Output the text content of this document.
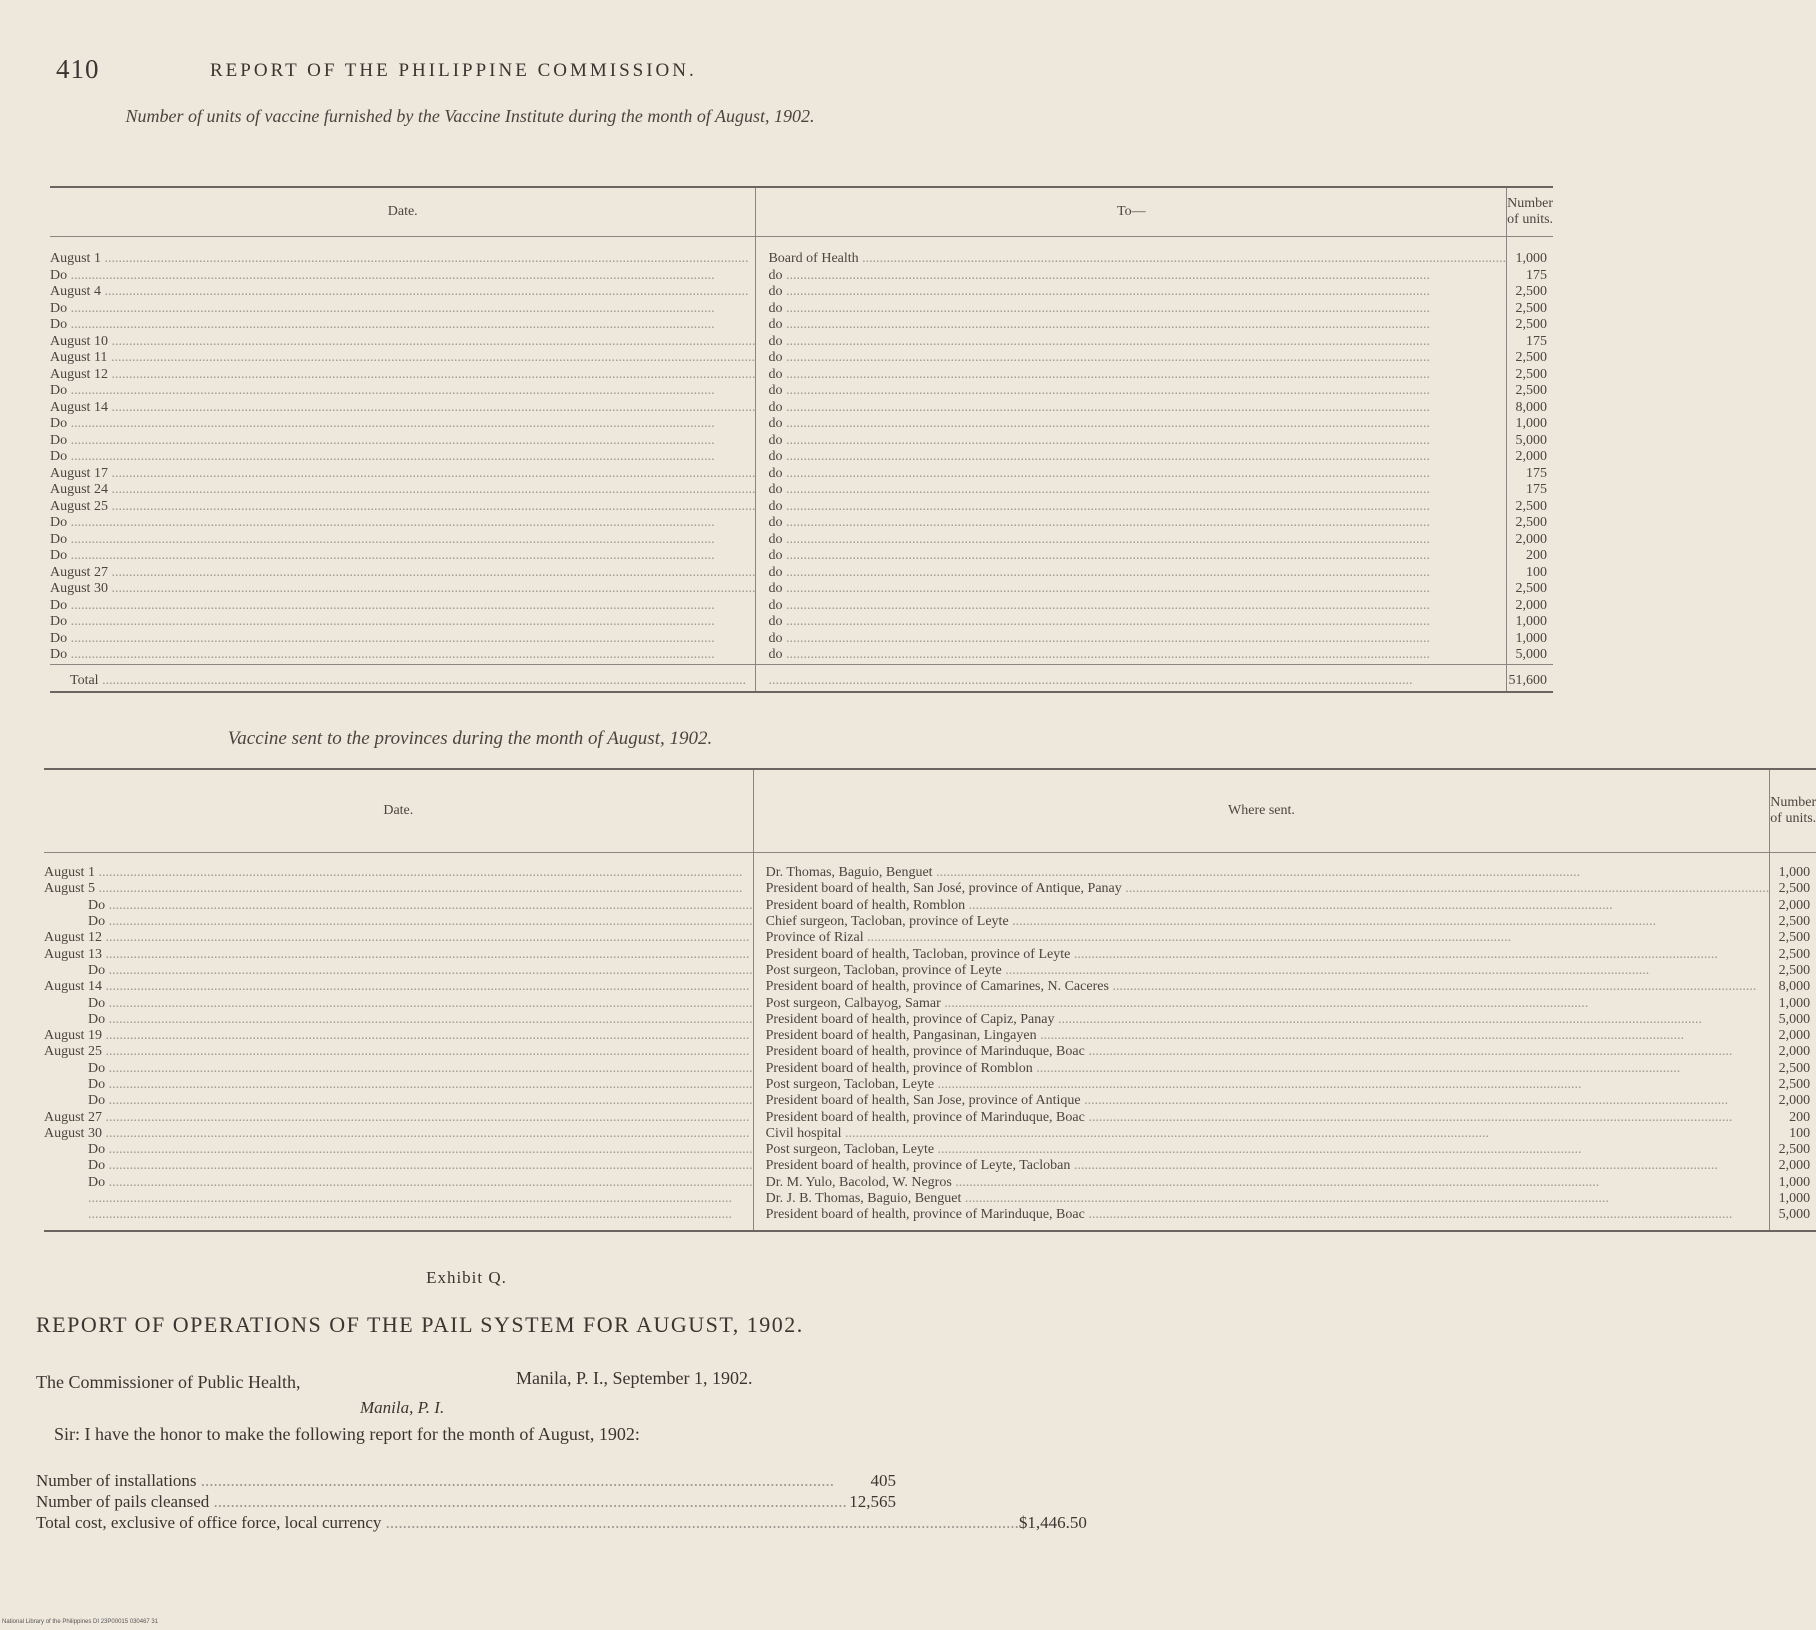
410	REPORT OF THE PHILIPPINE COMMISSION.
Number of units of vaccine furnished by the Vaccine Institute during the month of August, 1902.
Date.	To—	Number of units.
August 1 .....	Board of Health .....	1,000
Do .....	do .....	175
August 4 .....	do .....	2,500
Do .....	do .....	2,500
Do .....	do .....	2,500
August 10 .....	do .....	175
August 11 .....	do .....	2,500
August 12 .....	do .....	2,500
Do .....	do .....	2,500
August 14 .....	do .....	8,000
Do .....	do .....	1,000
Do .....	do .....	5,000
Do .....	do .....	2,000
August 17 .....	do .....	175
August 24 .....	do .....	175
August 25 .....	do .....	2,500
Do .....	do .....	2,500
Do .....	do .....	2,000
Do .....	do .....	200
August 27 .....	do .....	100
August 30 .....	do .....	2,500
Do .....	do .....	2,000
Do .....	do .....	1,000
Do .....	do .....	1,000
Do .....	do .....	5,000
Total .....	.....	51,600
Vaccine sent to the provinces during the month of August, 1902.
Date.	Where sent.	Number of units.
August 1 .....	Dr. Thomas, Baguio, Benguet .....	1,000
August 5 .....	President board of health, San José, province of Antique, Panay .....	2,500
Do .....	President board of health, Romblon .....	2,000
Do .....	Chief surgeon, Tacloban, province of Leyte .....	2,500
August 12 .....	Province of Rizal .....	2,500
August 13 .....	President board of health, Tacloban, province of Leyte .....	2,500
Do .....	Post surgeon, Tacloban, province of Leyte .....	2,500
August 14 .....	President board of health, province of Camarines, N. Caceres .....	8,000
Do .....	Post surgeon, Calbayog, Samar .....	1,000
Do .....	President board of health, province of Capiz, Panay .....	5,000
August 19 .....	President board of health, Pangasinan, Lingayen .....	2,000
August 25 .....	President board of health, province of Marinduque, Boac .....	2,000
Do .....	President board of health, province of Romblon .....	2,500
Do .....	Post surgeon, Tacloban, Leyte .....	2,500
Do .....	President board of health, San Jose, province of Antique .....	2,000
August 27 .....	President board of health, province of Marinduque, Boac .....	200
August 30 .....	Civil hospital .....	100
Do .....	Post surgeon, Tacloban, Leyte .....	2,500
Do .....	President board of health, province of Leyte, Tacloban .....	2,000
Do .....	Dr. M. Yulo, Bacolod, W. Negros .....	1,000
.....	Dr. J. B. Thomas, Baguio, Benguet .....	1,000
.....	President board of health, province of Marinduque, Boac .....	5,000
Exhibit Q.
REPORT OF OPERATIONS OF THE PAIL SYSTEM FOR AUGUST, 1902.
The Commissioner of Public Health,	Manila, P. I., September 1, 1902.
Manila, P. I.
Sir: I have the honor to make the following report for the month of August, 1902:
Number of installations .....	405
Number of pails cleansed .....	12,565
Total cost, exclusive of office force, local currency .....	$1,446.50
National Library of the Philippines DI 23P00015 030467 31
